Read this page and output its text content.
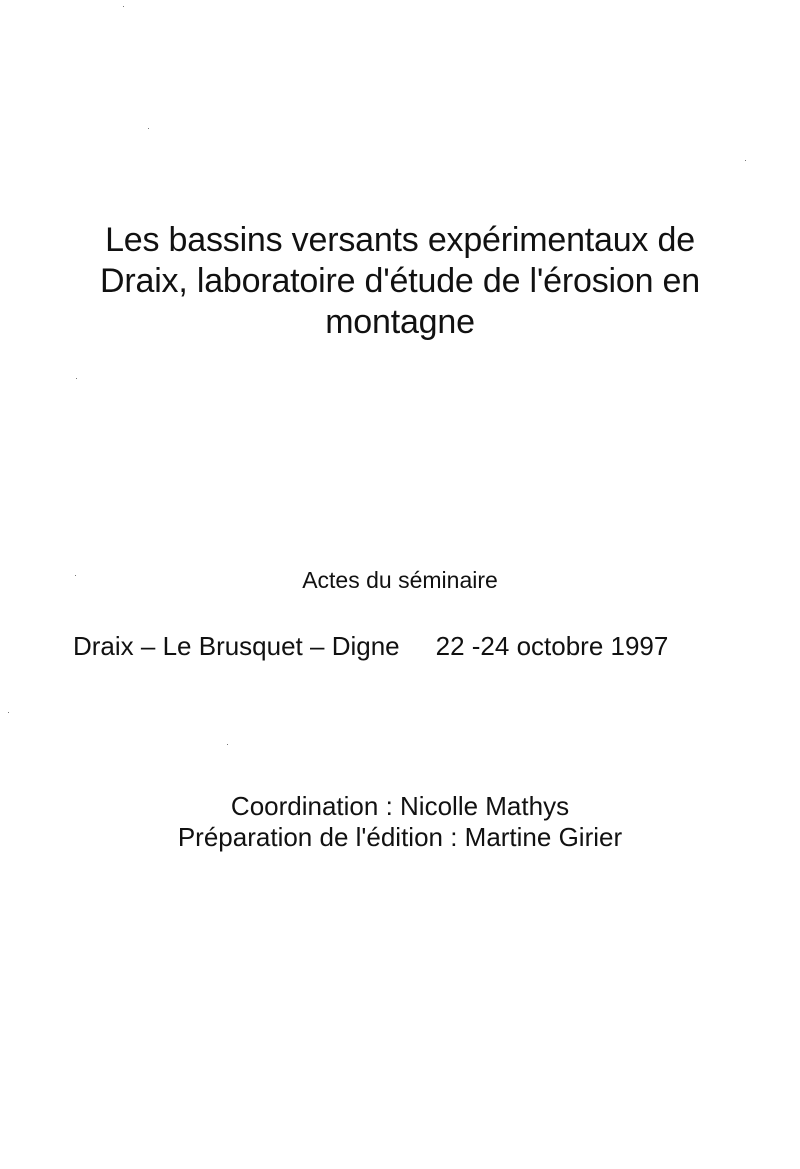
Les bassins versants expérimentaux de
Draix, laboratoire d'étude de l'érosion en
montagne

Actes du séminaire

Draix – Le Brusquet – Digne 22 -24 octobre 1997

Coordination : Nicolle Mathys
Préparation de l'édition : Martine Girier
